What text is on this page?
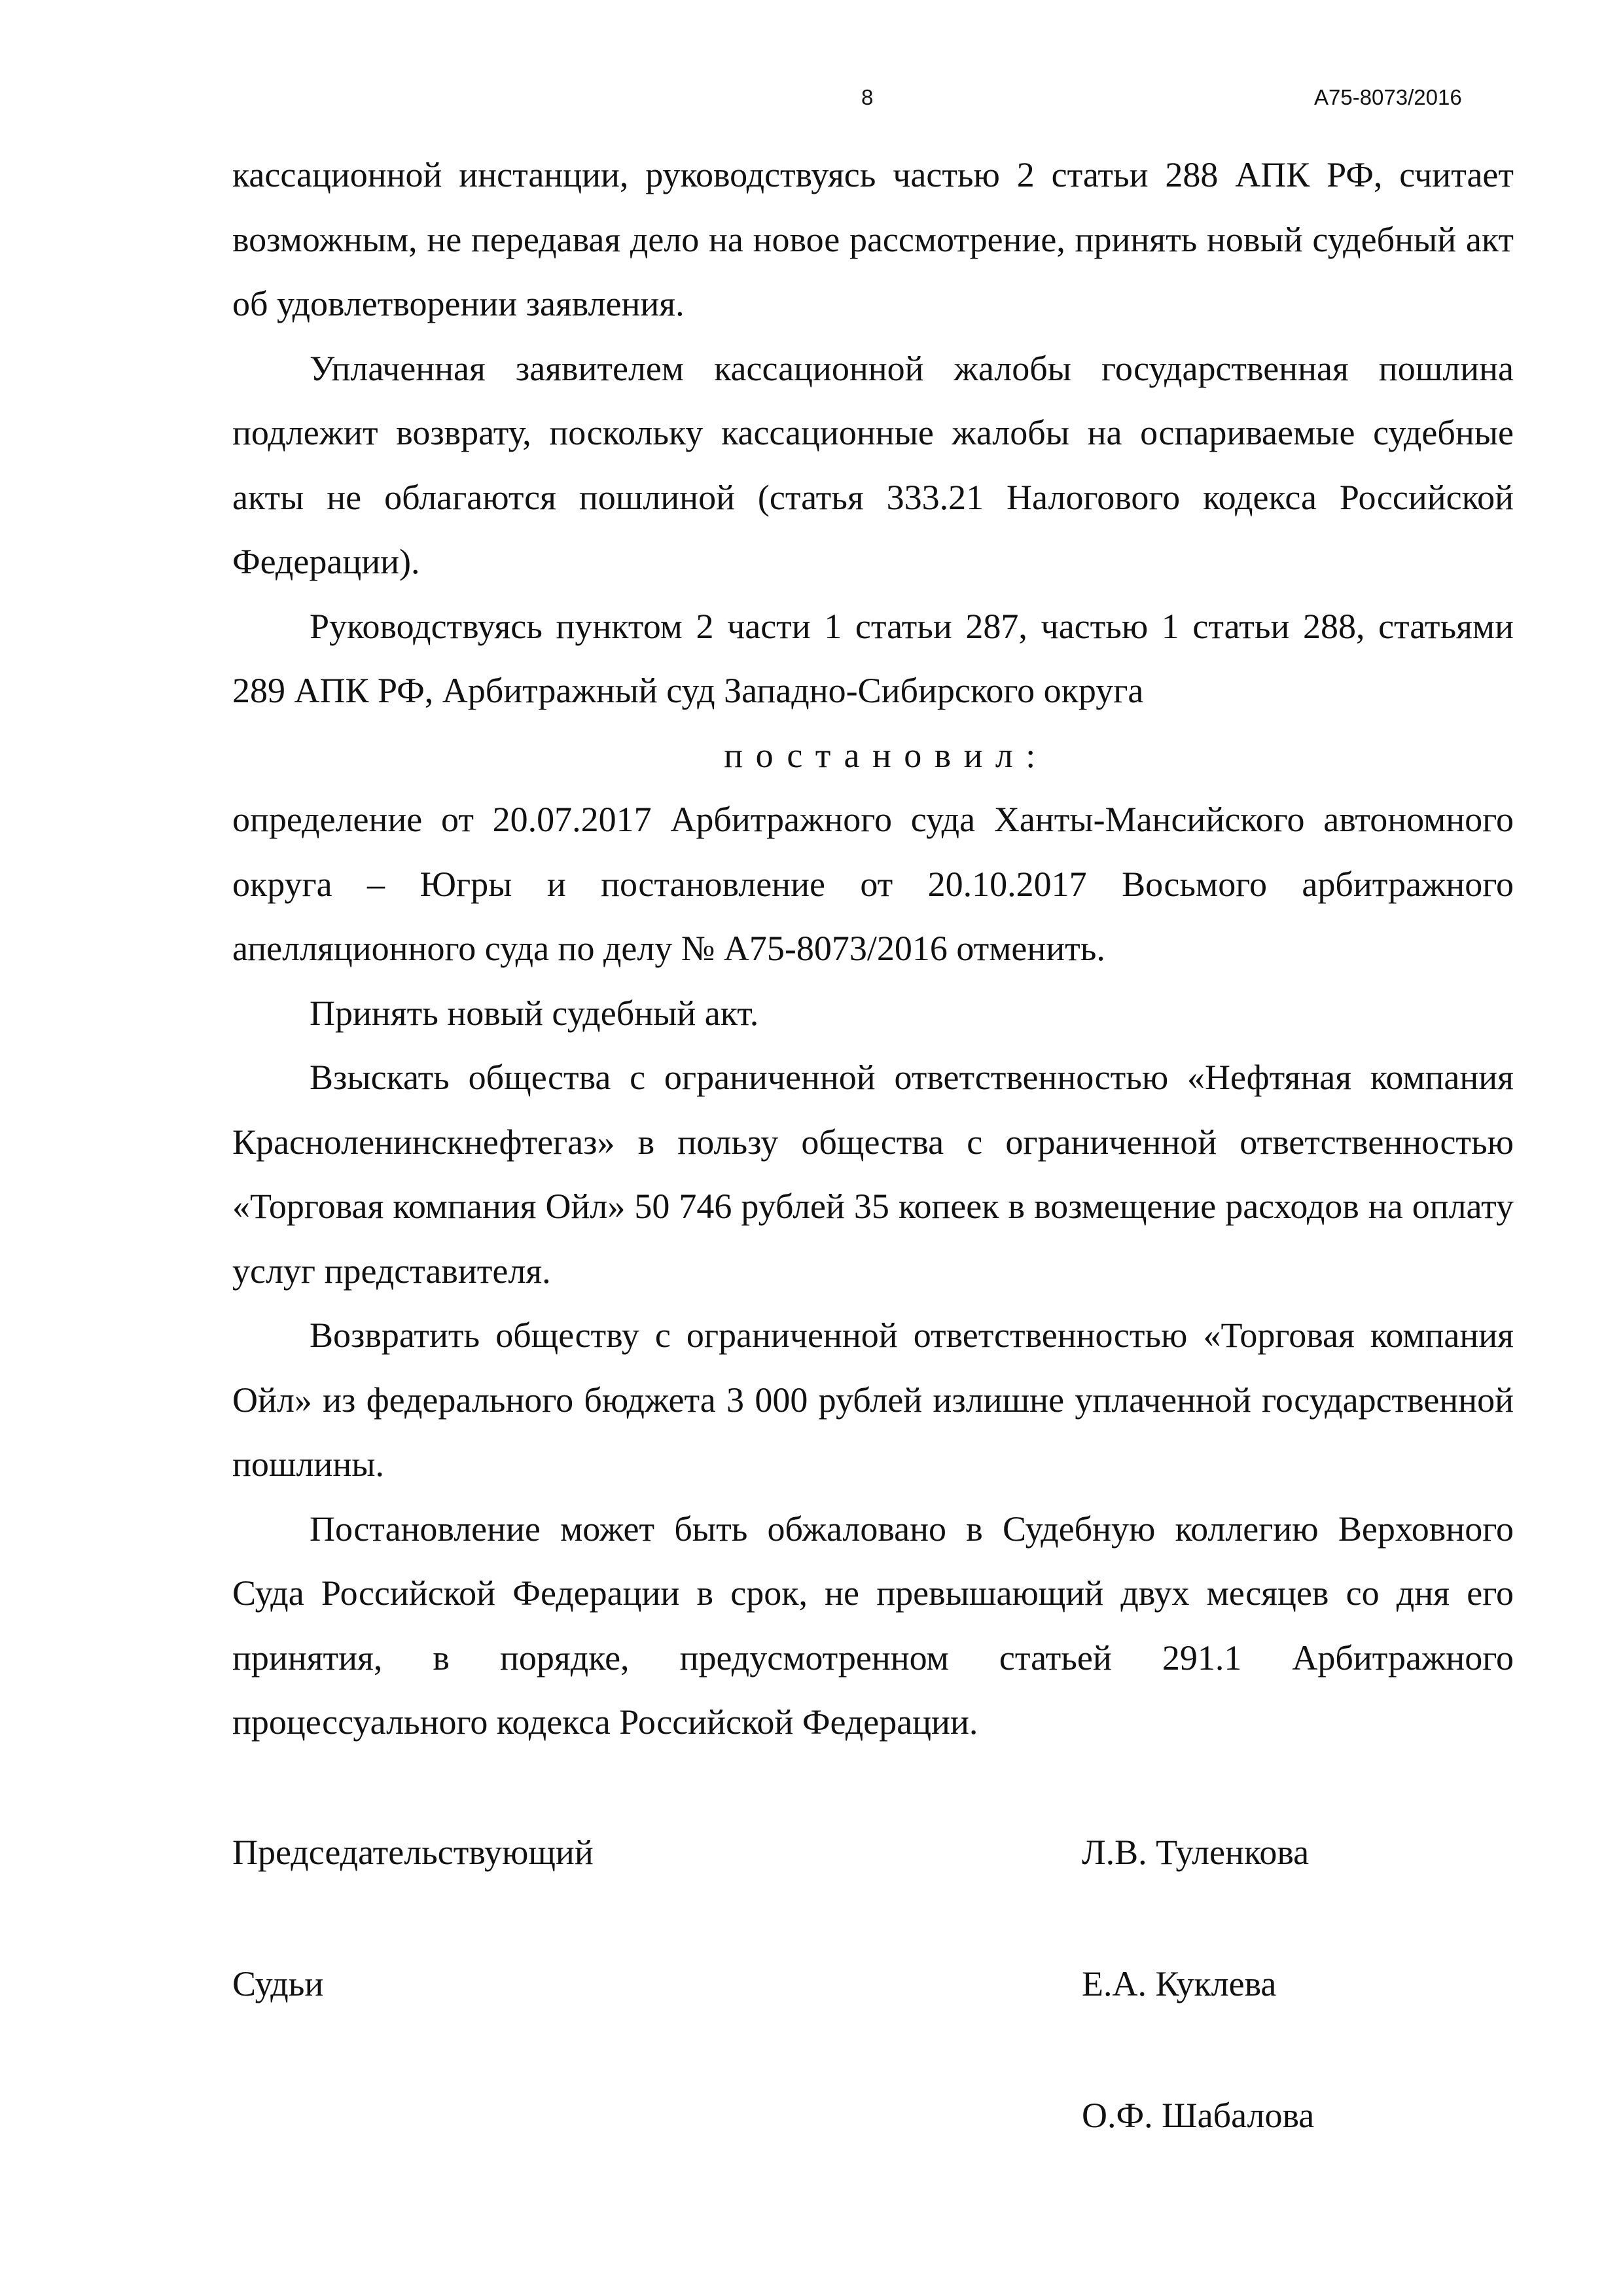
8	А75-8073/2016

кассационной инстанции, руководствуясь частью 2 статьи 288 АПК РФ, считает возможным, не передавая дело на новое рассмотрение, принять новый судебный акт об удовлетворении заявления.

Уплаченная заявителем кассационной жалобы государственная пошлина подлежит возврату, поскольку кассационные жалобы на оспариваемые судебные акты не облагаются пошлиной (статья 333.21 Налогового кодекса Российской Федерации).

Руководствуясь пунктом 2 части 1 статьи 287, частью 1 статьи 288, статьями 289 АПК РФ, Арбитражный суд Западно-Сибирского округа

постановил:

определение от 20.07.2017 Арбитражного суда Ханты-Мансийского автономного округа – Югры и постановление от 20.10.2017 Восьмого арбитражного апелляционного суда по делу № А75-8073/2016 отменить.

Принять новый судебный акт.

Взыскать общества с ограниченной ответственностью «Нефтяная компания Красноленинскнефтегаз» в пользу общества с ограниченной ответственностью «Торговая компания Ойл» 50 746 рублей 35 копеек в возмещение расходов на оплату услуг представителя.

Возвратить обществу с ограниченной ответственностью «Торговая компания Ойл» из федерального бюджета 3 000 рублей излишне уплаченной государственной пошлины.

Постановление может быть обжаловано в Судебную коллегию Верховного Суда Российской Федерации в срок, не превышающий двух месяцев со дня его принятия, в порядке, предусмотренном статьей 291.1 Арбитражного процессуального кодекса Российской Федерации.

Председательствующий	Л.В. Туленкова
Судьи	Е.А. Куклева
О.Ф. Шабалова
